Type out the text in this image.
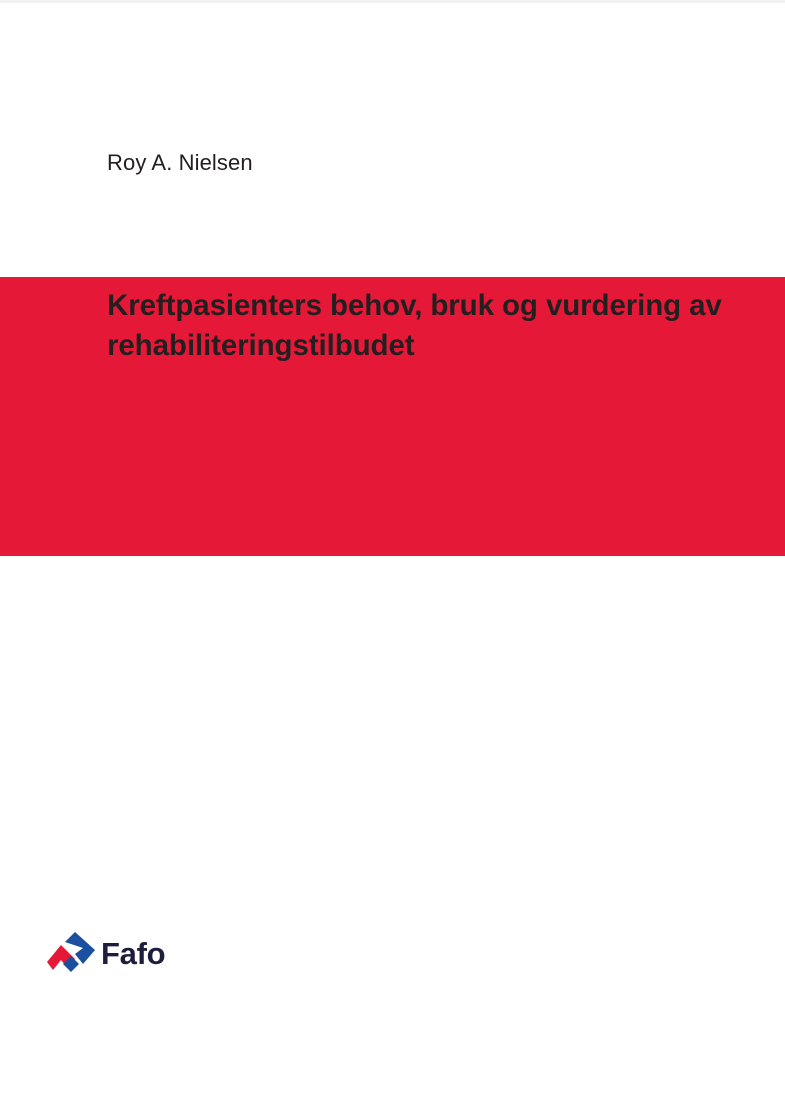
Roy A. Nielsen
Kreftpasienters behov, bruk og vurdering av rehabiliteringstilbudet
Fafo
